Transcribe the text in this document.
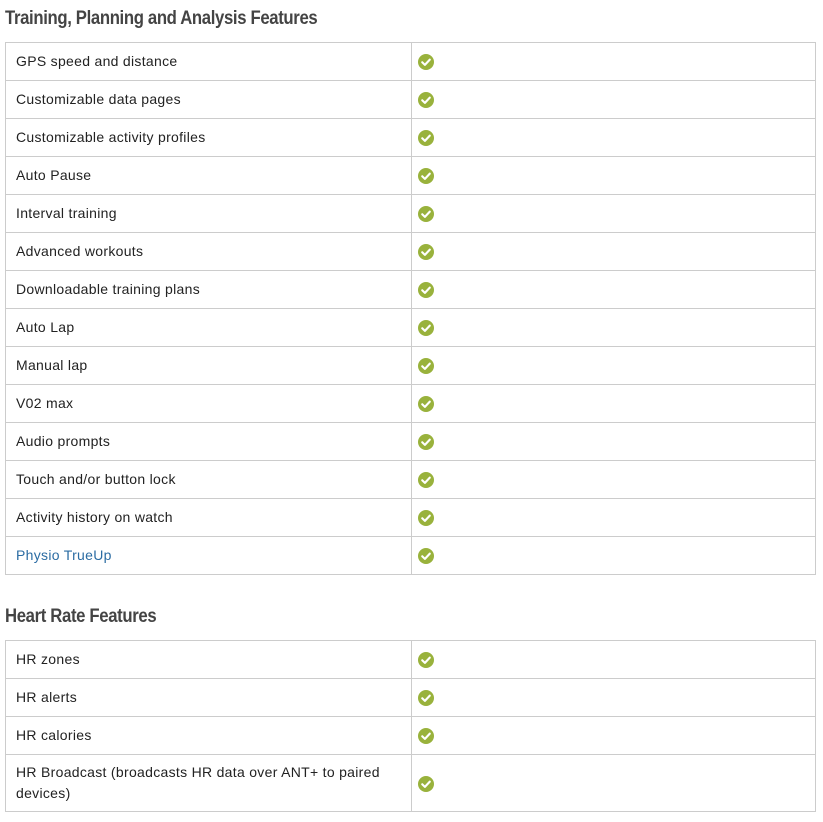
Training, Planning and Analysis Features
GPS speed and distance	

Customizable data pages	

Customizable activity profiles	

Auto Pause	

Interval training	

Advanced workouts	

Downloadable training plans	

Auto Lap	

Manual lap	

V02 max	

Audio prompts	

Touch and/or button lock	

Activity history on watch	

Physio TrueUp	
Heart Rate Features
HR zones	

HR alerts	

HR calories	

HR Broadcast (broadcasts HR data over ANT+ to paired devices)	
